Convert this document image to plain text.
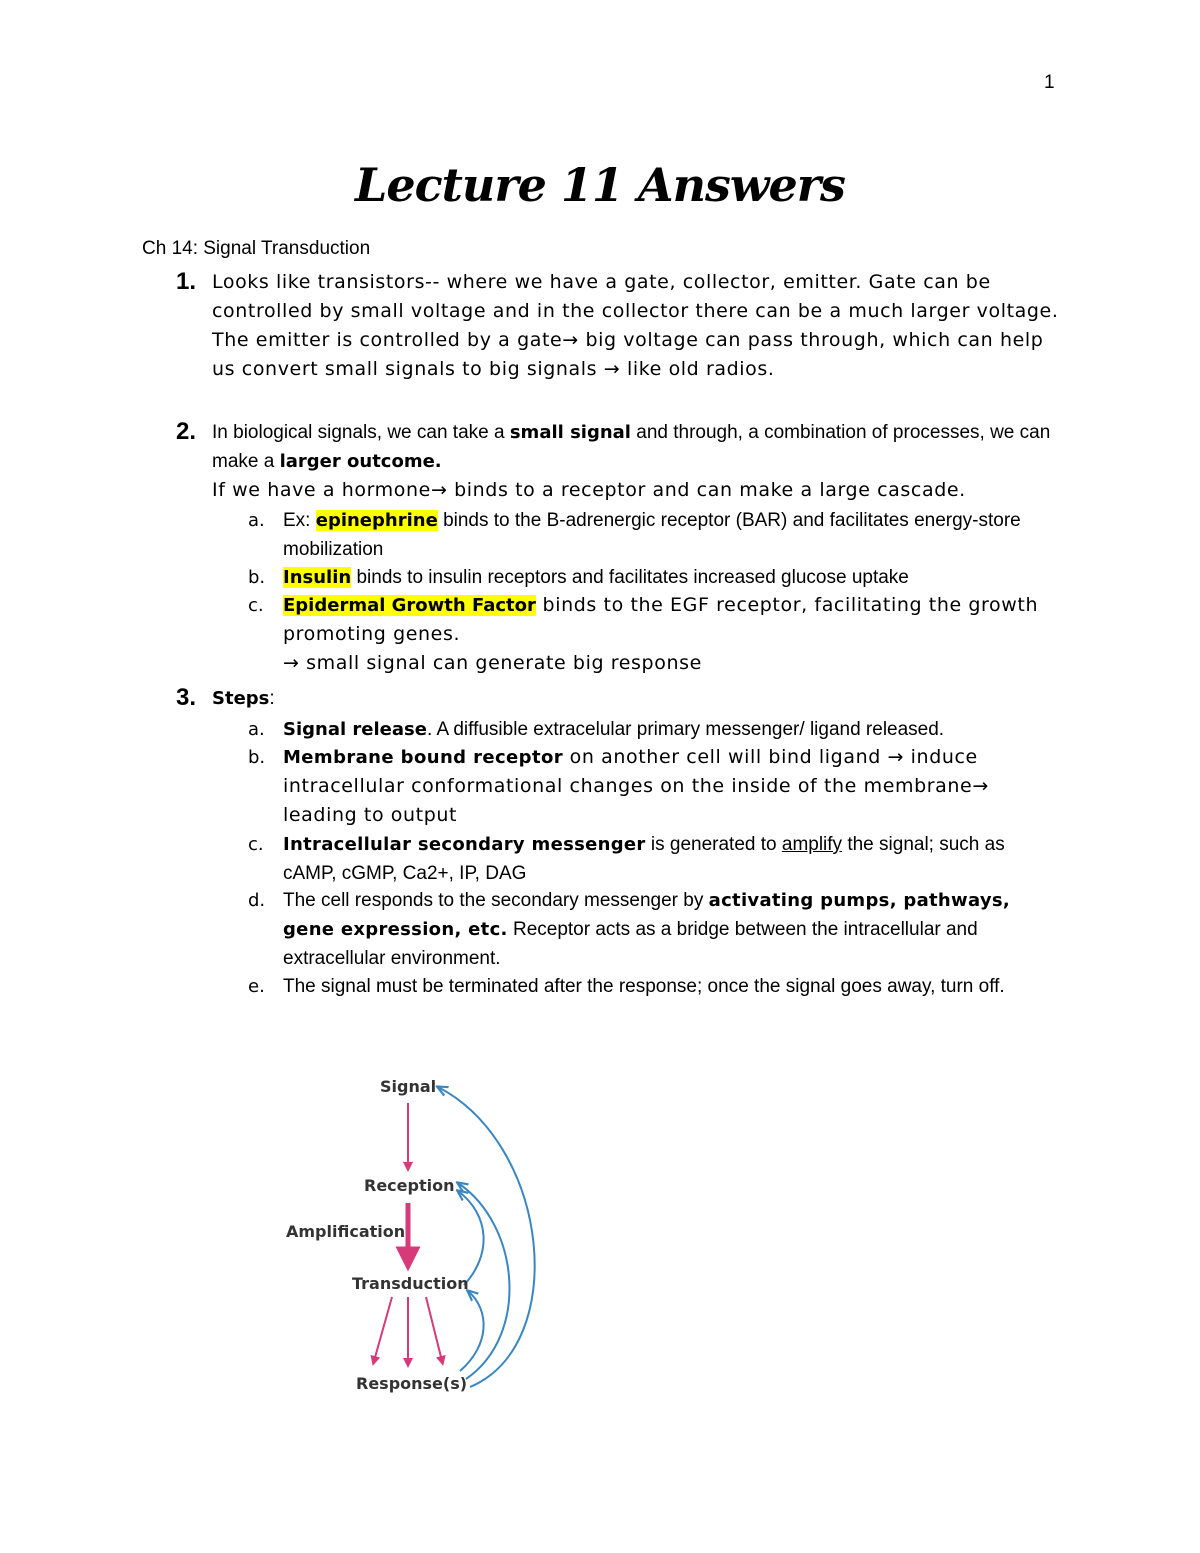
1
Lecture 11 Answers
Ch 14: Signal Transduction
1. Looks like transistors-- where we have a gate, collector, emitter. Gate can be controlled by small voltage and in the collector there can be a much larger voltage. The emitter is controlled by a gate→ big voltage can pass through, which can help us convert small signals to big signals → like old radios.
2. In biological signals, we can take a small signal and through, a combination of processes, we can make a larger outcome.
If we have a hormone→ binds to a receptor and can make a large cascade.
a. Ex: epinephrine binds to the B-adrenergic receptor (BAR) and facilitates energy-store mobilization
b. Insulin binds to insulin receptors and facilitates increased glucose uptake
c. Epidermal Growth Factor binds to the EGF receptor, facilitating the growth promoting genes.
→ small signal can generate big response
3. Steps:
a. Signal release. A diffusible extracelular primary messenger/ ligand released.
b. Membrane bound receptor on another cell will bind ligand → induce intracellular conformational changes on the inside of the membrane→ leading to output
c. Intracellular secondary messenger is generated to amplify the signal; such as cAMP, cGMP, Ca2+, IP, DAG
d. The cell responds to the secondary messenger by activating pumps, pathways, gene expression, etc. Receptor acts as a bridge between the intracellular and extracellular environment.
e. The signal must be terminated after the response; once the signal goes away, turn off.
Signal
Reception
Amplification
Transduction
Response(s)
